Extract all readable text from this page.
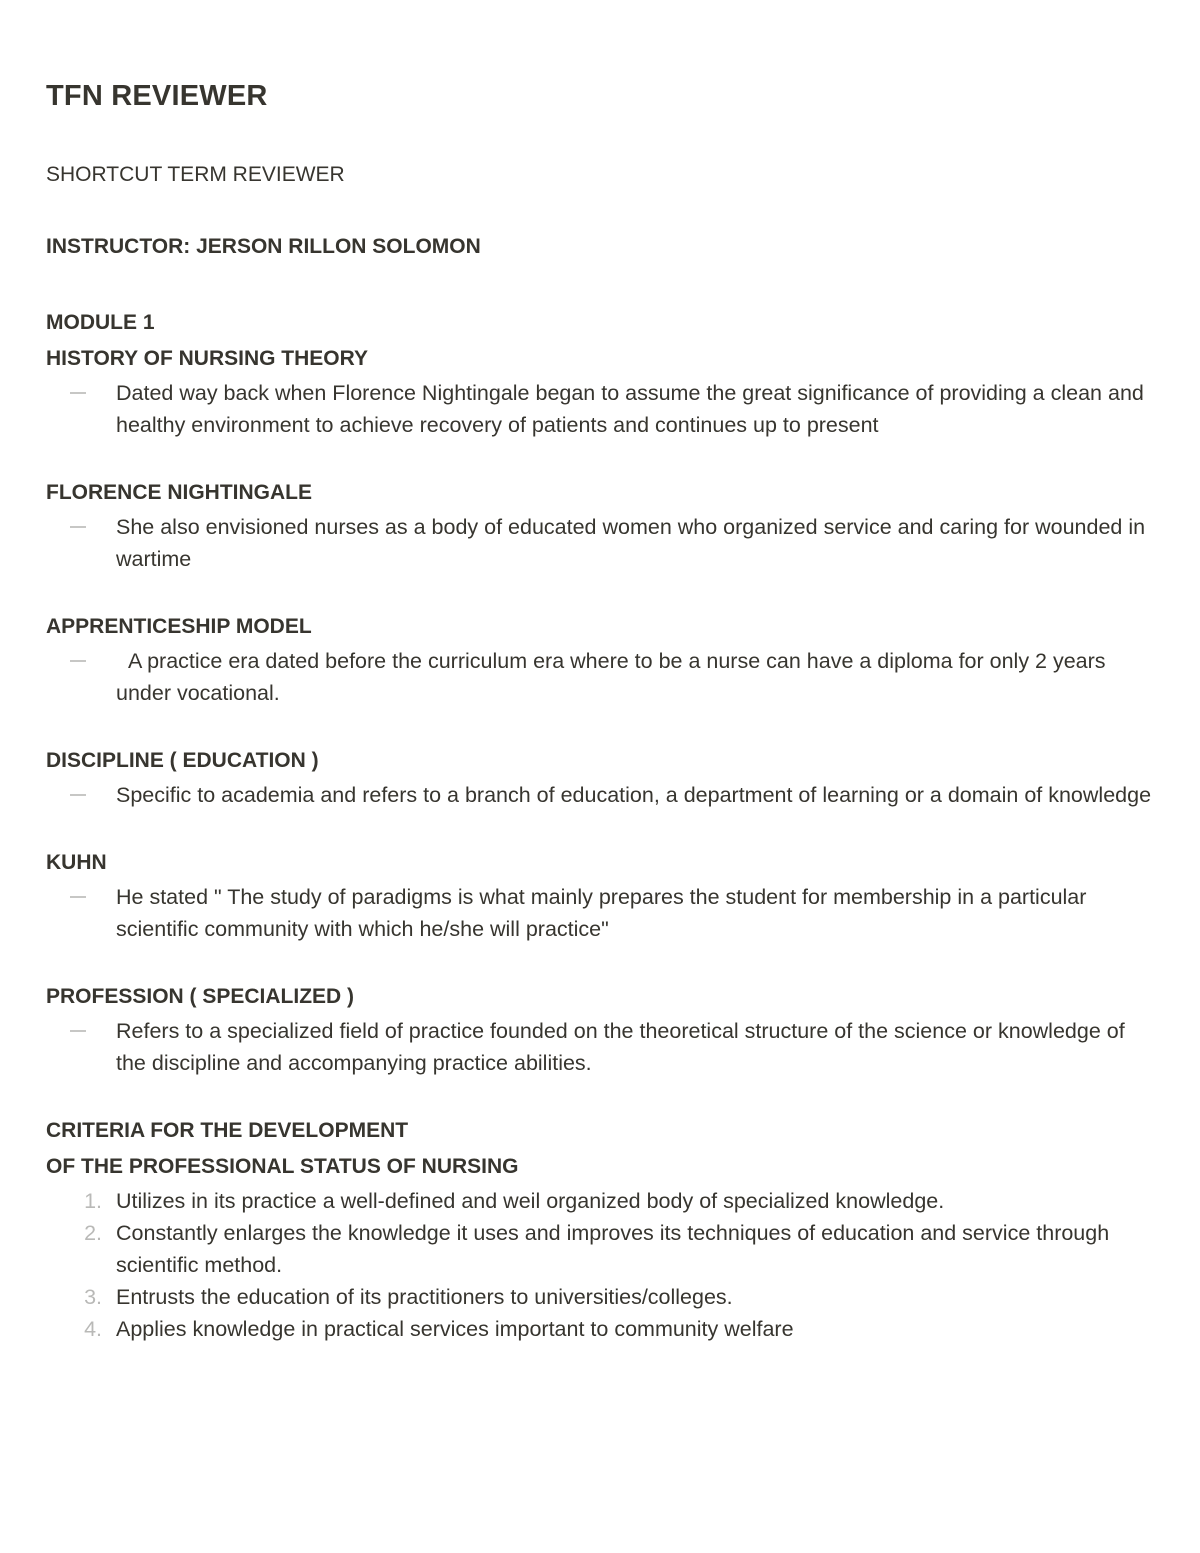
TFN REVIEWER
SHORTCUT TERM REVIEWER
INSTRUCTOR: JERSON RILLON SOLOMON
MODULE 1
HISTORY OF NURSING THEORY
Dated way back when Florence Nightingale began to assume the great significance of providing a clean and healthy environment to achieve recovery of patients and continues up to present
FLORENCE NIGHTINGALE
She also envisioned nurses as a body of educated women who organized service and caring for wounded in wartime
APPRENTICESHIP MODEL
A practice era dated before the curriculum era where to be a nurse can have a diploma for only 2 years under vocational.
DISCIPLINE ( EDUCATION )
Specific to academia and refers to a branch of education, a department of learning or a domain of knowledge
KUHN
He stated " The study of paradigms is what mainly prepares the student for membership in a particular scientific community with which he/she will practice"
PROFESSION ( SPECIALIZED )
Refers to a specialized field of practice founded on the theoretical structure of the science or knowledge of the discipline and accompanying practice abilities.
CRITERIA FOR THE DEVELOPMENT
OF THE PROFESSIONAL STATUS OF NURSING
1. Utilizes in its practice a well-defined and weil organized body of specialized knowledge.
2. Constantly enlarges the knowledge it uses and improves its techniques of education and service through scientific method.
3. Entrusts the education of its practitioners to universities/colleges.
4. Applies knowledge in practical services important to community welfare
